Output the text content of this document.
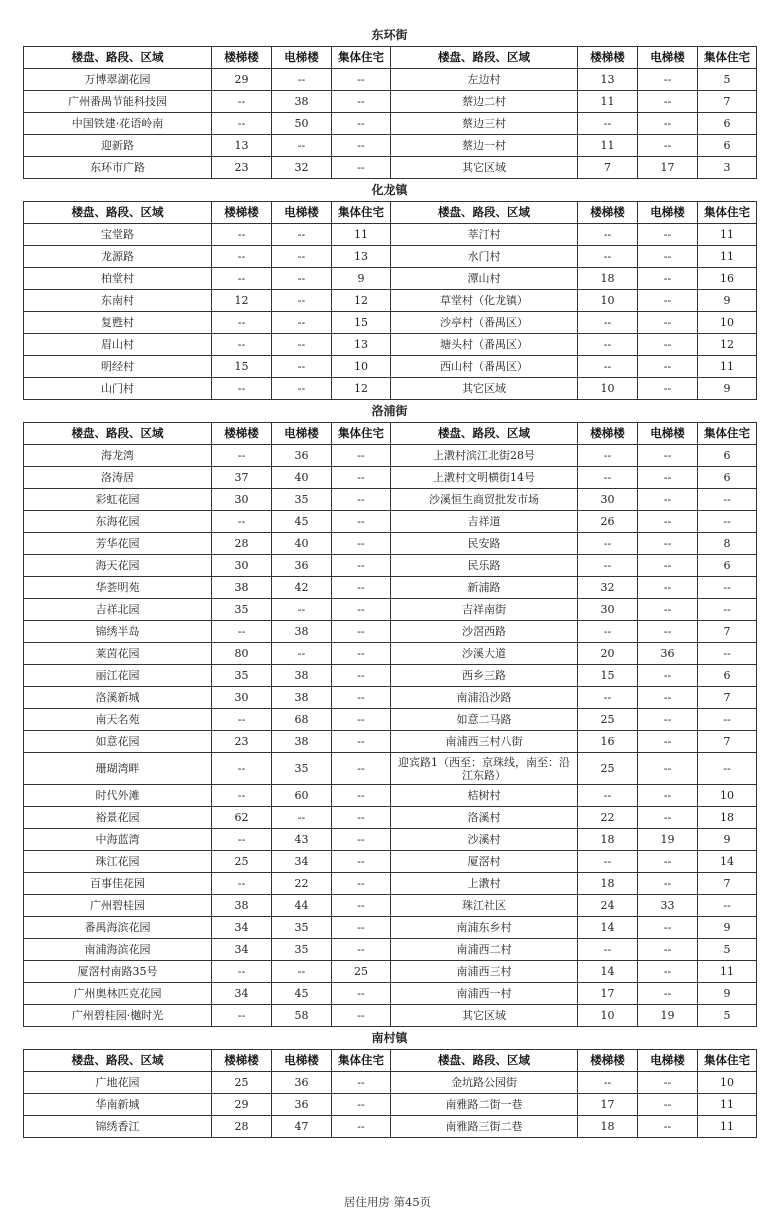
东环街
楼盘、路段、区域	楼梯楼	电梯楼	集体住宅	楼盘、路段、区域	楼梯楼	电梯楼	集体住宅
万博翠湖花园	29	--	--	左边村	13	--	5
广州番禺节能科技园	--	38	--	蔡边二村	11	--	7
中国铁建·花语岭南	--	50	--	蔡边三村	--	--	6
迎新路	13	--	--	蔡边一村	11	--	6
东环市广路	23	32	--	其它区域	7	17	3
化龙镇
楼盘、路段、区域	楼梯楼	电梯楼	集体住宅	楼盘、路段、区域	楼梯楼	电梯楼	集体住宅
宝堂路	--	--	11	莘汀村	--	--	11
龙源路	--	--	13	水门村	--	--	11
柏堂村	--	--	9	潭山村	18	--	16
东南村	12	--	12	草堂村（化龙镇）	10	--	9
复甦村	--	--	15	沙亭村（番禺区）	--	--	10
眉山村	--	--	13	塘头村（番禺区）	--	--	12
明经村	15	--	10	西山村（番禺区）	--	--	11
山门村	--	--	12	其它区域	10	--	9
洛浦街
楼盘、路段、区域	楼梯楼	电梯楼	集体住宅	楼盘、路段、区域	楼梯楼	电梯楼	集体住宅
海龙湾	--	36	--	上漖村滨江北街28号	--	--	6
洛涛居	37	40	--	上漖村文明横街14号	--	--	6
彩虹花园	30	35	--	沙溪恒生商贸批发市场	30	--	--
东海花园	--	45	--	吉祥道	26	--	--
芳华花园	28	40	--	民安路	--	--	8
海天花园	30	36	--	民乐路	--	--	6
华荟明苑	38	42	--	新浦路	32	--	--
吉祥北园	35	--	--	吉祥南街	30	--	--
锦绣半岛	--	38	--	沙滘西路	--	--	7
莱茵花园	80	--	--	沙溪大道	20	36	--
丽江花园	35	38	--	西乡三路	15	--	6
洛溪新城	30	38	--	南浦沿沙路	--	--	7
南天名苑	--	68	--	如意二马路	25	--	--
如意花园	23	38	--	南浦西三村八街	16	--	7
珊瑚湾畔	--	35	--	迎宾路1（西至：京珠线，南至：沿江东路）	25	--	--
时代外滩	--	60	--	桔树村	--	--	10
裕景花园	62	--	--	洛溪村	22	--	18
中海蓝湾	--	43	--	沙溪村	18	19	9
珠江花园	25	34	--	厦滘村	--	--	14
百事佳花园	--	22	--	上漖村	18	--	7
广州碧桂园	38	44	--	珠江社区	24	33	--
番禺海滨花园	34	35	--	南浦东乡村	14	--	9
南浦海滨花园	34	35	--	南浦西二村	--	--	5
厦滘村南路35号	--	--	25	南浦西三村	14	--	11
广州奥林匹克花园	34	45	--	南浦西一村	17	--	9
广州碧桂园·樾时光	--	58	--	其它区域	10	19	5
南村镇
楼盘、路段、区域	楼梯楼	电梯楼	集体住宅	楼盘、路段、区域	楼梯楼	电梯楼	集体住宅
广地花园	25	36	--	金坑路公园街	--	--	10
华南新城	29	36	--	南雅路二街一巷	17	--	11
锦绣香江	28	47	--	南雅路三街二巷	18	--	11
居住用房 第45页
